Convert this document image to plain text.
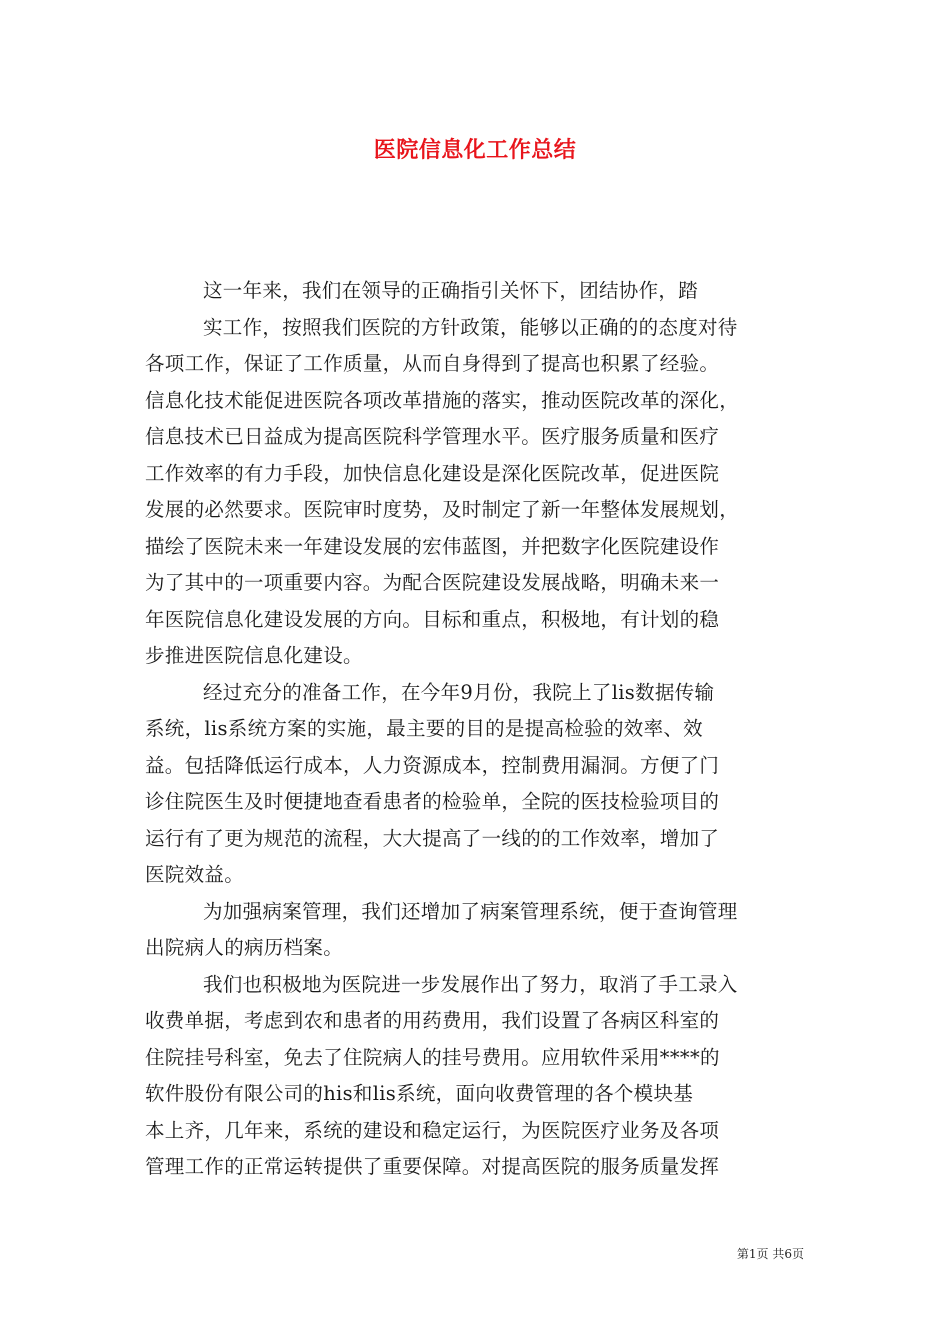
医院信息化工作总结
这一年来，我们在领导的正确指引关怀下，团结协作，踏
实工作，按照我们医院的方针政策，能够以正确的的态度对待
各项工作，保证了工作质量，从而自身得到了提高也积累了经验。
信息化技术能促进医院各项改革措施的落实，推动医院改革的深化，
信息技术已日益成为提高医院科学管理水平。医疗服务质量和医疗
工作效率的有力手段，加快信息化建设是深化医院改革，促进医院
发展的必然要求。医院审时度势，及时制定了新一年整体发展规划，
描绘了医院未来一年建设发展的宏伟蓝图，并把数字化医院建设作
为了其中的一项重要内容。为配合医院建设发展战略，明确未来一
年医院信息化建设发展的方向。目标和重点，积极地，有计划的稳
步推进医院信息化建设。
经过充分的准备工作，在今年9月份，我院上了lis数据传输
系统，lis系统方案的实施，最主要的目的是提高检验的效率、效
益。包括降低运行成本，人力资源成本，控制费用漏洞。方便了门
诊住院医生及时便捷地查看患者的检验单，全院的医技检验项目的
运行有了更为规范的流程，大大提高了一线的的工作效率，增加了
医院效益。
为加强病案管理，我们还增加了病案管理系统，便于查询管理
出院病人的病历档案。
我们也积极地为医院进一步发展作出了努力，取消了手工录入
收费单据，考虑到农和患者的用药费用，我们设置了各病区科室的
住院挂号科室，免去了住院病人的挂号费用。应用软件采用****的
软件股份有限公司的his和lis系统，面向收费管理的各个模块基
本上齐，几年来，系统的建设和稳定运行，为医院医疗业务及各项
管理工作的正常运转提供了重要保障。对提高医院的服务质量发挥
第1页 共6页
